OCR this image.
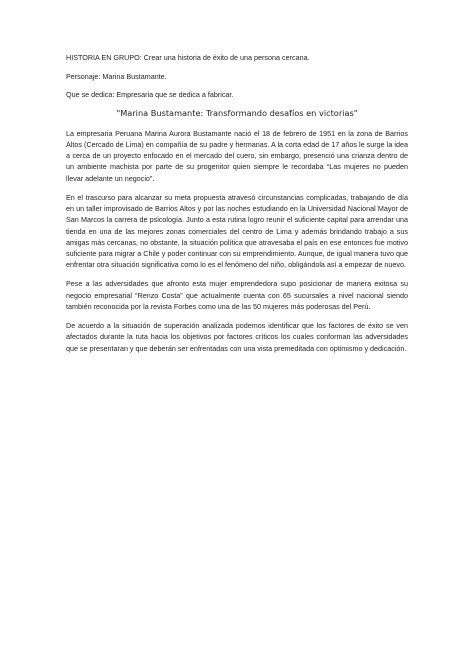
HISTORIA EN GRUPO: Crear una historia de éxito de una persona cercana.

Personaje: Marina Bustamante.

Que se dedica: Empresaria que se dedica a fabricar.

"Marina Bustamante: Transformando desafíos en victorias"

La empresaria Peruana Marina Aurora Bustamante nació el 18 de febrero de 1951 en la zona de Barrios Altos (Cercado de Lima) en compañía de su padre y hermanas. A la corta edad de 17 años le surge la idea a cerca de un proyecto enfocado en el mercado del cuero, sin embargo, presenció una crianza dentro de un ambiente machista por parte de su progenitor quien siempre le recordaba “Las mujeres no pueden llevar adelante un negocio”.

En el trascurso para alcanzar su meta propuesta atravesó circunstancias complicadas, trabajando de día en un taller improvisado de Barrios Altos y por las noches estudiando en la Universidad Nacional Mayor de San Marcos la carrera de psicología. Junto a esta rutina logro reunir el suficiente capital para arrendar una tienda en una de las mejores zonas comerciales del centro de Lima y además brindando trabajo a sus amigas más cercanas, no obstante, la situación política que atravesaba el país en ese entonces fue motivo suficiente para migrar a Chile y poder continuar con su emprendimiento. Aunque, de igual manera tuvo que enfrentar otra situación significativa como lo es el fenómeno del niño, obligándola así a empezar de nuevo.

Pese a las adversidades que afronto esta mujer emprendedora supo posicionar de manera exitosa su negocio empresarial “Renzo Costa” que actualmente cuenta con 65 sucursales a nivel nacional siendo también reconocida por la revista Forbes como una de las 50 mujeres más poderosas del Perú.

De acuerdo a la situación de superación analizada podemos identificar que los factores de éxito se ven afectados durante la ruta hacia los objetivos por factores críticos los cuales conforman las adversidades que se presentaran y que deberán ser enfrentadas con una vista premeditada con optimismo y dedicación.
